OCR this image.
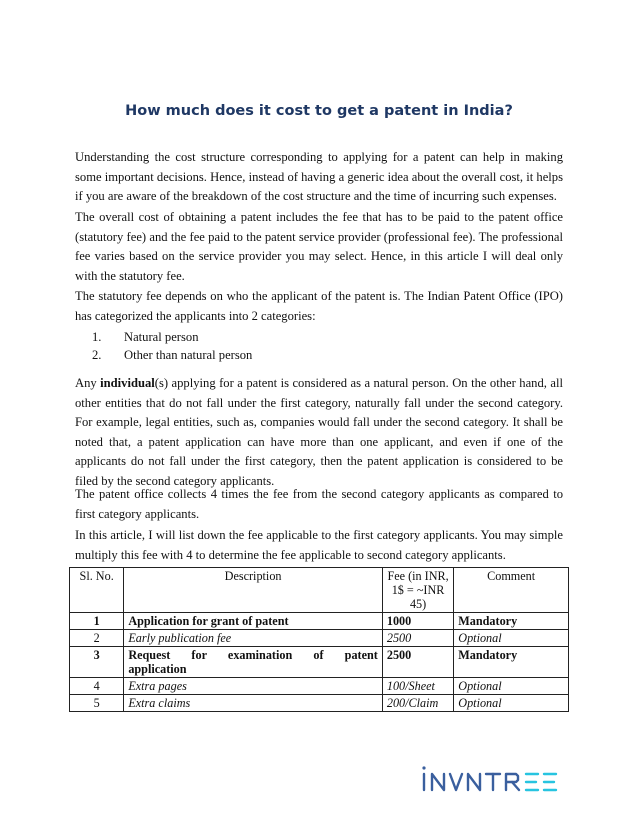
How much does it cost to get a patent in India?

Understanding the cost structure corresponding to applying for a patent can help in making some important decisions. Hence, instead of having a generic idea about the overall cost, it helps if you are aware of the breakdown of the cost structure and the time of incurring such expenses.

The overall cost of obtaining a patent includes the fee that has to be paid to the patent office (statutory fee) and the fee paid to the patent service provider (professional fee). The professional fee varies based on the service provider you may select. Hence, in this article I will deal only with the statutory fee.

The statutory fee depends on who the applicant of the patent is. The Indian Patent Office (IPO) has categorized the applicants into 2 categories:

1.	Natural person
2.	Other than natural person

Any individual(s) applying for a patent is considered as a natural person. On the other hand, all other entities that do not fall under the first category, naturally fall under the second category. For example, legal entities, such as, companies would fall under the second category. It shall be noted that, a patent application can have more than one applicant, and even if one of the applicants do not fall under the first category, then the patent application is considered to be filed by the second category applicants.

The patent office collects 4 times the fee from the second category applicants as compared to first category applicants.

In this article, I will list down the fee applicable to the first category applicants. You may simple multiply this fee with 4 to determine the fee applicable to second category applicants.

Sl. No.	Description	Fee (in INR, 1$ = ~INR 45)	Comment
1	Application for grant of patent	1000	Mandatory
2	Early publication fee	2500	Optional
3	Request for examination of patent
application	2500	Mandatory
4	Extra pages	100/Sheet	Optional
5	Extra claims	200/Claim	Optional
